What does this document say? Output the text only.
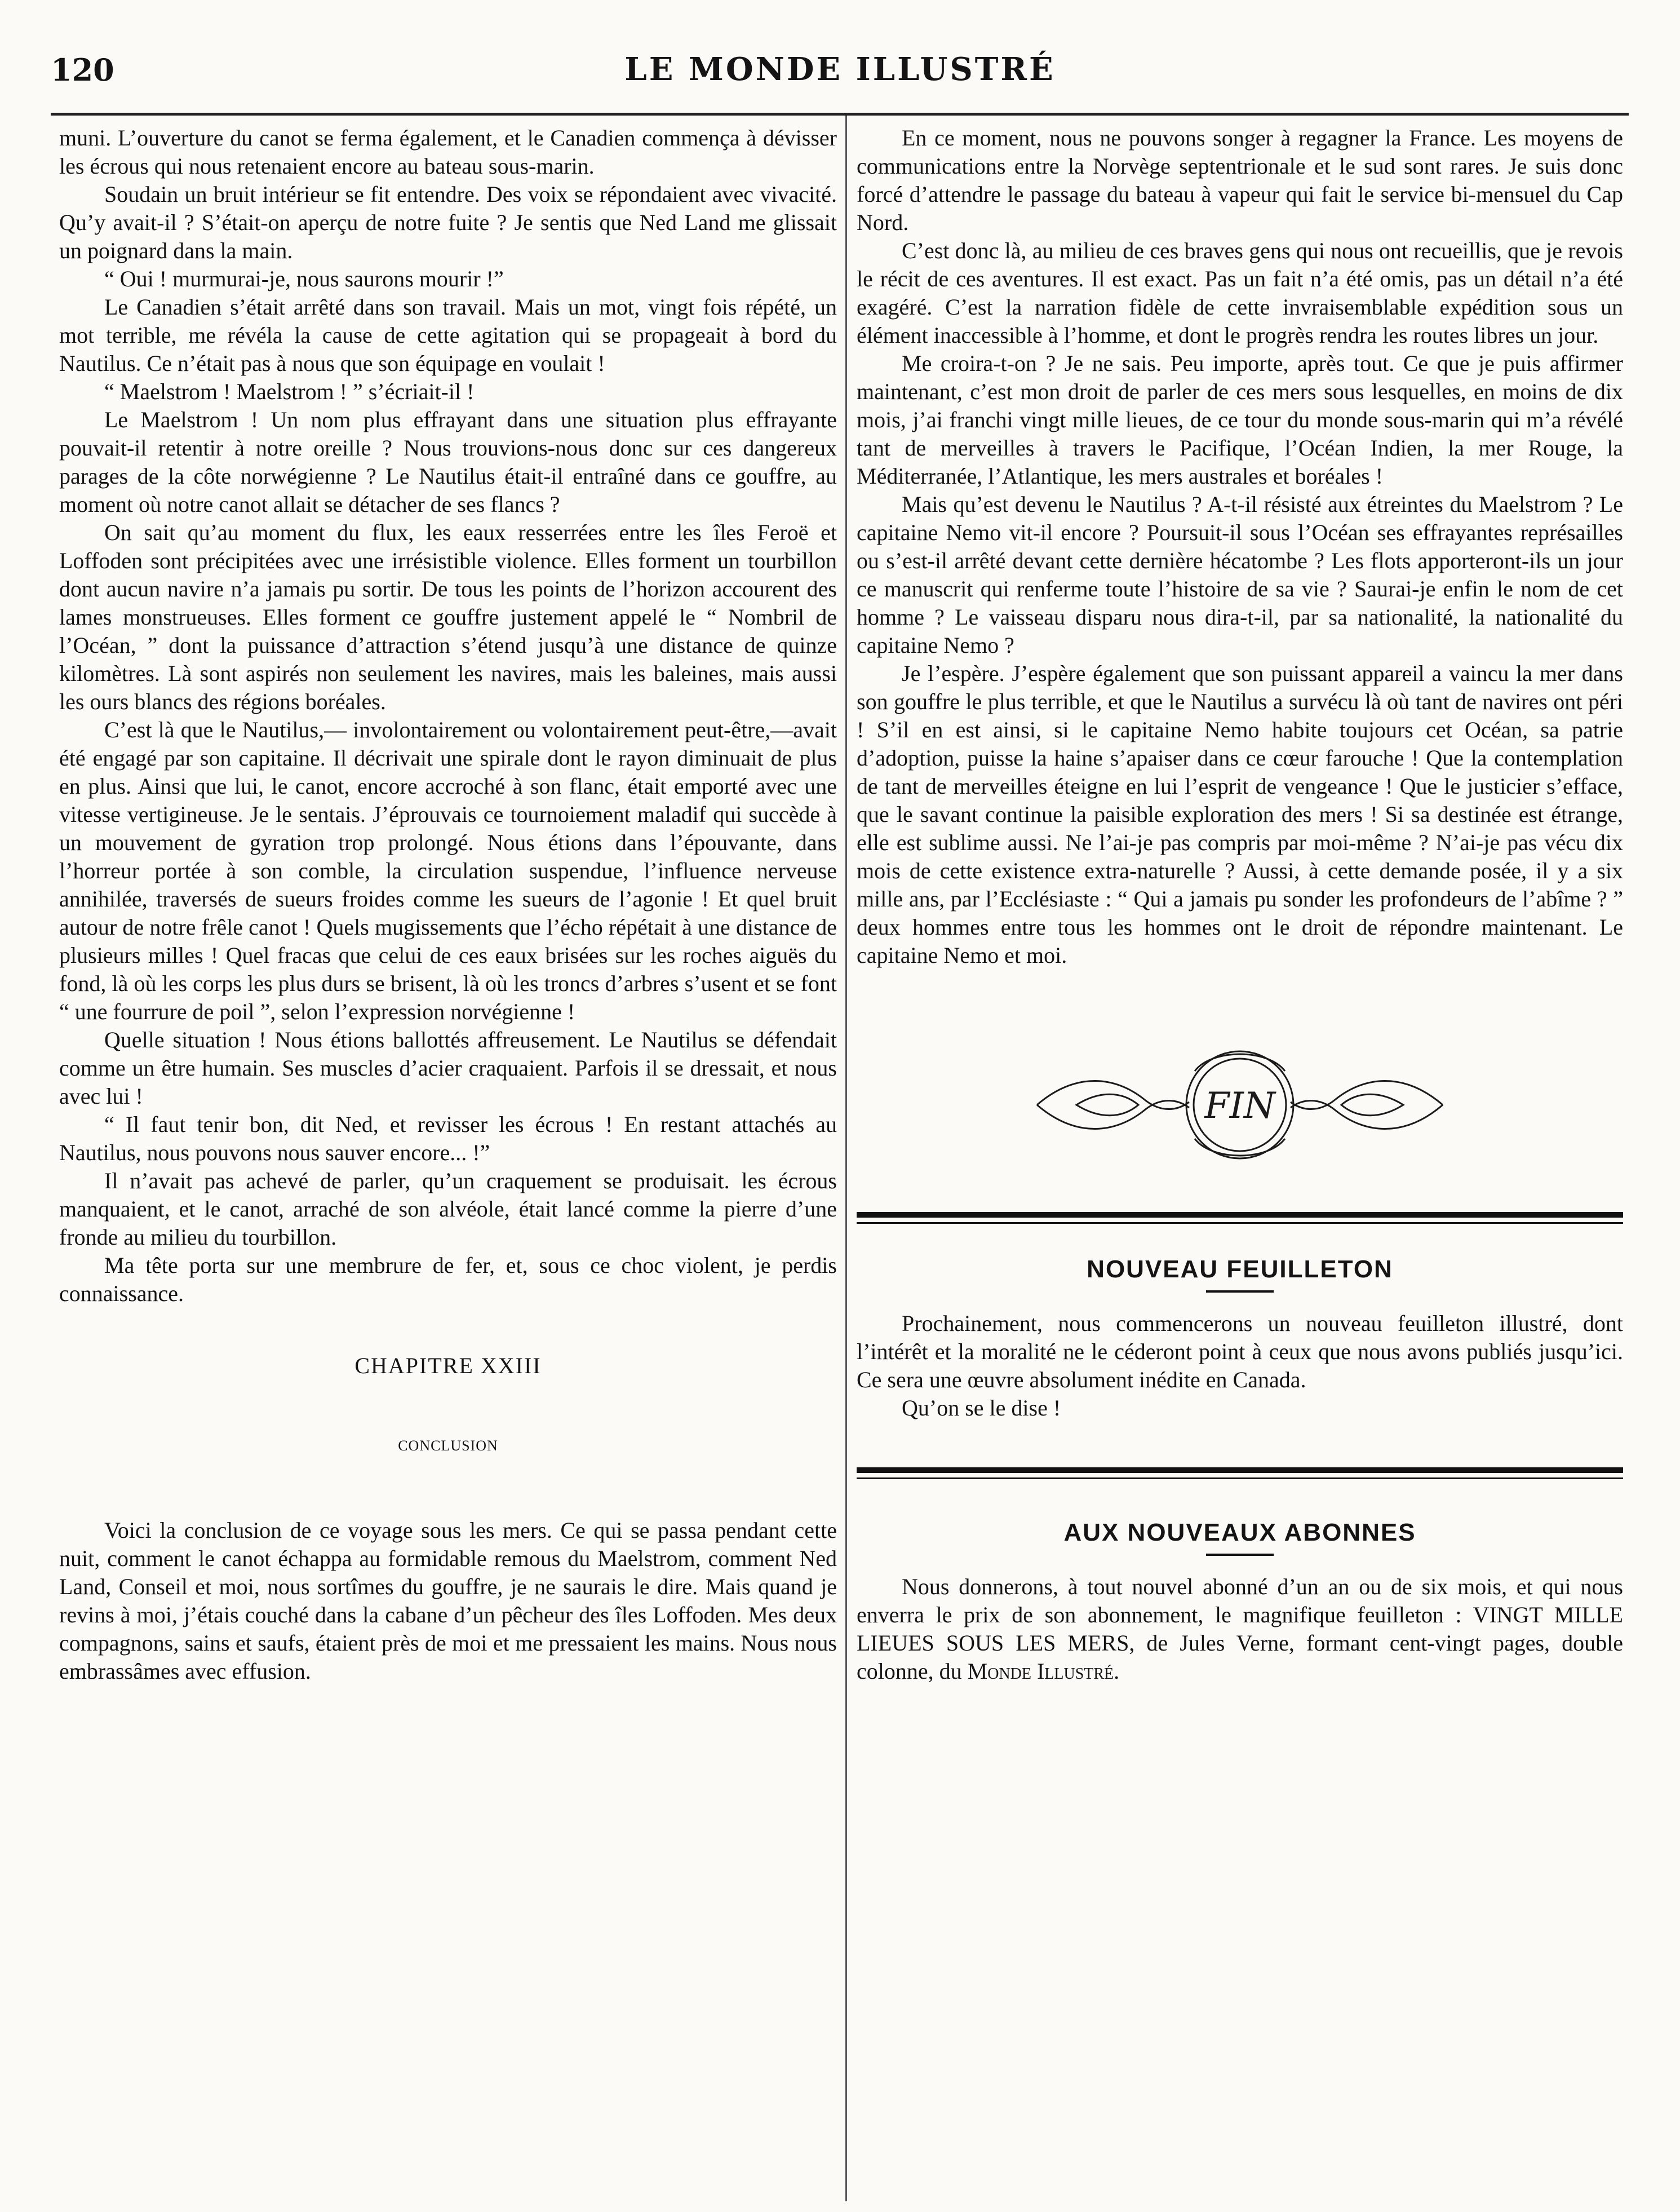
120	LE MONDE ILLUSTRÉ

muni. L’ouverture du canot se ferma également, et le Canadien commença à dévisser les écrous qui nous retenaient encore au bateau sous-marin.

Soudain un bruit intérieur se fit entendre. Des voix se répondaient avec vivacité. Qu’y avait-il ? S’était-on aperçu de notre fuite ? Je sentis que Ned Land me glissait un poignard dans la main.

“ Oui ! murmurai-je, nous saurons mourir !”

Le Canadien s’était arrêté dans son travail. Mais un mot, vingt fois répété, un mot terrible, me révéla la cause de cette agitation qui se propageait à bord du Nautilus. Ce n’était pas à nous que son équipage en voulait !

“ Maelstrom ! Maelstrom ! ” s’écriait-il !

Le Maelstrom ! Un nom plus effrayant dans une situation plus effrayante pouvait-il retentir à notre oreille ? Nous trouvions-nous donc sur ces dangereux parages de la côte norwégienne ? Le Nautilus était-il entraîné dans ce gouffre, au moment où notre canot allait se détacher de ses flancs ?

On sait qu’au moment du flux, les eaux resserrées entre les îles Feroë et Loffoden sont précipitées avec une irrésistible violence. Elles forment un tourbillon dont aucun navire n’a jamais pu sortir. De tous les points de l’horizon accourent des lames monstrueuses. Elles forment ce gouffre justement appelé le “ Nombril de l’Océan, ” dont la puissance d’attraction s’étend jusqu’à une distance de quinze kilomètres. Là sont aspirés non seulement les navires, mais les baleines, mais aussi les ours blancs des régions boréales.

C’est là que le Nautilus,— involontairement ou volontairement peut-être,—avait été engagé par son capitaine. Il décrivait une spirale dont le rayon diminuait de plus en plus. Ainsi que lui, le canot, encore accroché à son flanc, était emporté avec une vitesse vertigineuse. Je le sentais. J’éprouvais ce tournoiement maladif qui succède à un mouvement de gyration trop prolongé. Nous étions dans l’épouvante, dans l’horreur portée à son comble, la circulation suspendue, l’influence nerveuse annihilée, traversés de sueurs froides comme les sueurs de l’agonie ! Et quel bruit autour de notre frêle canot ! Quels mugissements que l’écho répétait à une distance de plusieurs milles ! Quel fracas que celui de ces eaux brisées sur les roches aiguës du fond, là où les corps les plus durs se brisent, là où les troncs d’arbres s’usent et se font “ une fourrure de poil ”, selon l’expression norvégienne !

Quelle situation ! Nous étions ballottés affreusement. Le Nautilus se défendait comme un être humain. Ses muscles d’acier craquaient. Parfois il se dressait, et nous avec lui !

“ Il faut tenir bon, dit Ned, et revisser les écrous ! En restant attachés au Nautilus, nous pouvons nous sauver encore... !”

Il n’avait pas achevé de parler, qu’un craquement se produisait. les écrous manquaient, et le canot, arraché de son alvéole, était lancé comme la pierre d’une fronde au milieu du tourbillon.

Ma tête porta sur une membrure de fer, et, sous ce choc violent, je perdis connaissance.

CHAPITRE XXIII
CONCLUSION

Voici la conclusion de ce voyage sous les mers. Ce qui se passa pendant cette nuit, comment le canot échappa au formidable remous du Maelstrom, comment Ned Land, Conseil et moi, nous sortîmes du gouffre, je ne saurais le dire. Mais quand je revins à moi, j’étais couché dans la cabane d’un pêcheur des îles Loffoden. Mes deux compagnons, sains et saufs, étaient près de moi et me pressaient les mains. Nous nous embrassâmes avec effusion.

En ce moment, nous ne pouvons songer à regagner la France. Les moyens de communications entre la Norvège septentrionale et le sud sont rares. Je suis donc forcé d’attendre le passage du bateau à vapeur qui fait le service bi-mensuel du Cap Nord.

C’est donc là, au milieu de ces braves gens qui nous ont recueillis, que je revois le récit de ces aventures. Il est exact. Pas un fait n’a été omis, pas un détail n’a été exagéré. C’est la narration fidèle de cette invraisemblable expédition sous un élément inaccessible à l’homme, et dont le progrès rendra les routes libres un jour.

Me croira-t-on ? Je ne sais. Peu importe, après tout. Ce que je puis affirmer maintenant, c’est mon droit de parler de ces mers sous lesquelles, en moins de dix mois, j’ai franchi vingt mille lieues, de ce tour du monde sous-marin qui m’a révélé tant de merveilles à travers le Pacifique, l’Océan Indien, la mer Rouge, la Méditerranée, l’Atlantique, les mers australes et boréales !

Mais qu’est devenu le Nautilus ? A-t-il résisté aux étreintes du Maelstrom ? Le capitaine Nemo vit-il encore ? Poursuit-il sous l’Océan ses effrayantes représailles ou s’est-il arrêté devant cette dernière hécatombe ? Les flots apporteront-ils un jour ce manuscrit qui renferme toute l’histoire de sa vie ? Saurai-je enfin le nom de cet homme ? Le vaisseau disparu nous dira-t-il, par sa nationalité, la nationalité du capitaine Nemo ?

Je l’espère. J’espère également que son puissant appareil a vaincu la mer dans son gouffre le plus terrible, et que le Nautilus a survécu là où tant de navires ont péri ! S’il en est ainsi, si le capitaine Nemo habite toujours cet Océan, sa patrie d’adoption, puisse la haine s’apaiser dans ce cœur farouche ! Que la contemplation de tant de merveilles éteigne en lui l’esprit de vengeance ! Que le justicier s’efface, que le savant continue la paisible exploration des mers ! Si sa destinée est étrange, elle est sublime aussi. Ne l’ai-je pas compris par moi-même ? N’ai-je pas vécu dix mois de cette existence extra-naturelle ? Aussi, à cette demande posée, il y a six mille ans, par l’Ecclésiaste : “ Qui a jamais pu sonder les profondeurs de l’abîme ? ” deux hommes entre tous les hommes ont le droit de répondre maintenant. Le capitaine Nemo et moi.

FIN
NOUVEAU FEUILLETON

Prochainement, nous commencerons un nouveau feuilleton illustré, dont l’intérêt et la moralité ne le céderont point à ceux que nous avons publiés jusqu’ici. Ce sera une œuvre absolument inédite en Canada.

Qu’on se le dise !

AUX NOUVEAUX ABONNES

Nous donnerons, à tout nouvel abonné d’un an ou de six mois, et qui nous enverra le prix de son abonnement, le magnifique feuilleton : VINGT MILLE LIEUES SOUS LES MERS, de Jules Verne, formant cent-vingt pages, double colonne, du Monde Illustré.
